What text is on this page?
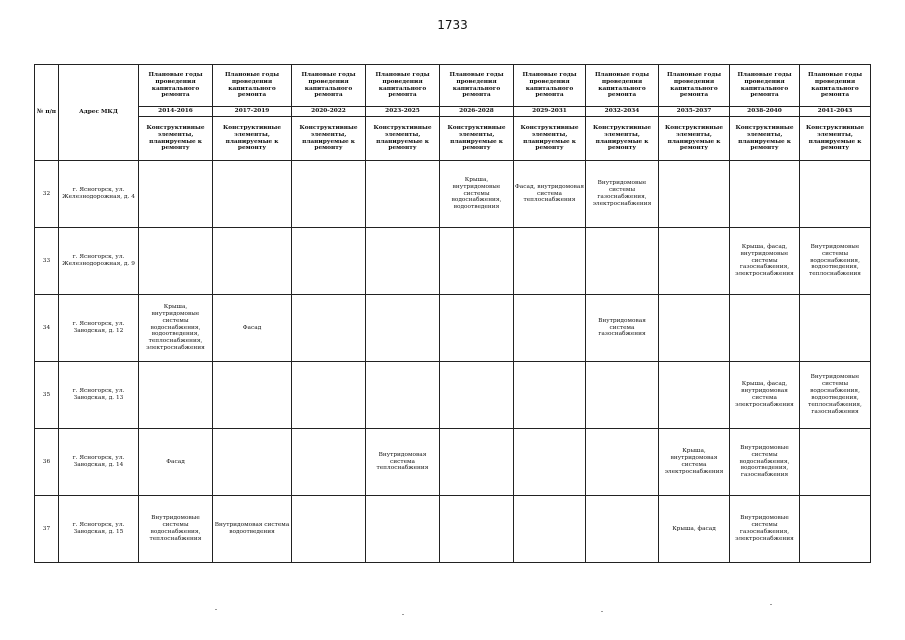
1733
№ п/п	Адрес МКД	Плановые годы проведения капитального ремонта	Плановые годы проведения капитального ремонта	Плановые годы проведения капитального ремонта	Плановые годы проведения капитального ремонта	Плановые годы проведения капитального ремонта	Плановые годы проведения капитального ремонта	Плановые годы проведения капитального ремонта	Плановые годы проведения капитального ремонта	Плановые годы проведения капитального ремонта	Плановые годы проведения капитального ремонта
		2014-2016	2017-2019	2020-2022	2023-2025	2026-2028	2029-2031	2032-2034	2035-2037	2038-2040	2041-2043
		Конструктивные элементы, планируемые к ремонту	Конструктивные элементы, планируемые к ремонту	Конструктивные элементы, планируемые к ремонту	Конструктивные элементы, планируемые к ремонту	Конструктивные элементы, планируемые к ремонту	Конструктивные элементы, планируемые к ремонту	Конструктивные элементы, планируемые к ремонту	Конструктивные элементы, планируемые к ремонту	Конструктивные элементы, планируемые к ремонту	Конструктивные элементы, планируемые к ремонту
32	г. Ясногорск, ул. Железнодорожная, д. 4					Крыша, внутридомовые системы водоснабжения, водоотведения	Фасад, внутридомовая система теплоснабжения	Внутридомовые системы газоснабжения, электроснабжения			
33	г. Ясногорск, ул. Железнодорожная, д. 9									Крыша, фасад, внутридомовые системы газоснабжения, электроснабжения	Внутридомовые системы водоснабжения, водоотведения, теплоснабжения
34	г. Ясногорск, ул. Заводская, д. 12	Крыша, внутридомовые системы водоснабжения, водоотведения, теплоснабжения, электроснабжения	Фасад					Внутридомовая система газоснабжения			
35	г. Ясногорск, ул. Заводская, д. 13									Крыша, фасад, внутридомовая система электроснабжения	Внутридомовые системы водоснабжения, водоотведения, теплоснабжения, газоснабжения
36	г. Ясногорск, ул. Заводская, д. 14	Фасад			Внутридомовая система теплоснабжения				Крыша, внутридомовая система электроснабжения	Внутридомовые системы водоснабжения, водоотведения, газоснабжения	
37	г. Ясногорск, ул. Заводская, д. 15	Внутридомовые системы водоснабжения, теплоснабжения	Внутридомовая система водоотведения						Крыша, фасад	Внутридомовые системы газоснабжения, электроснабжения	
